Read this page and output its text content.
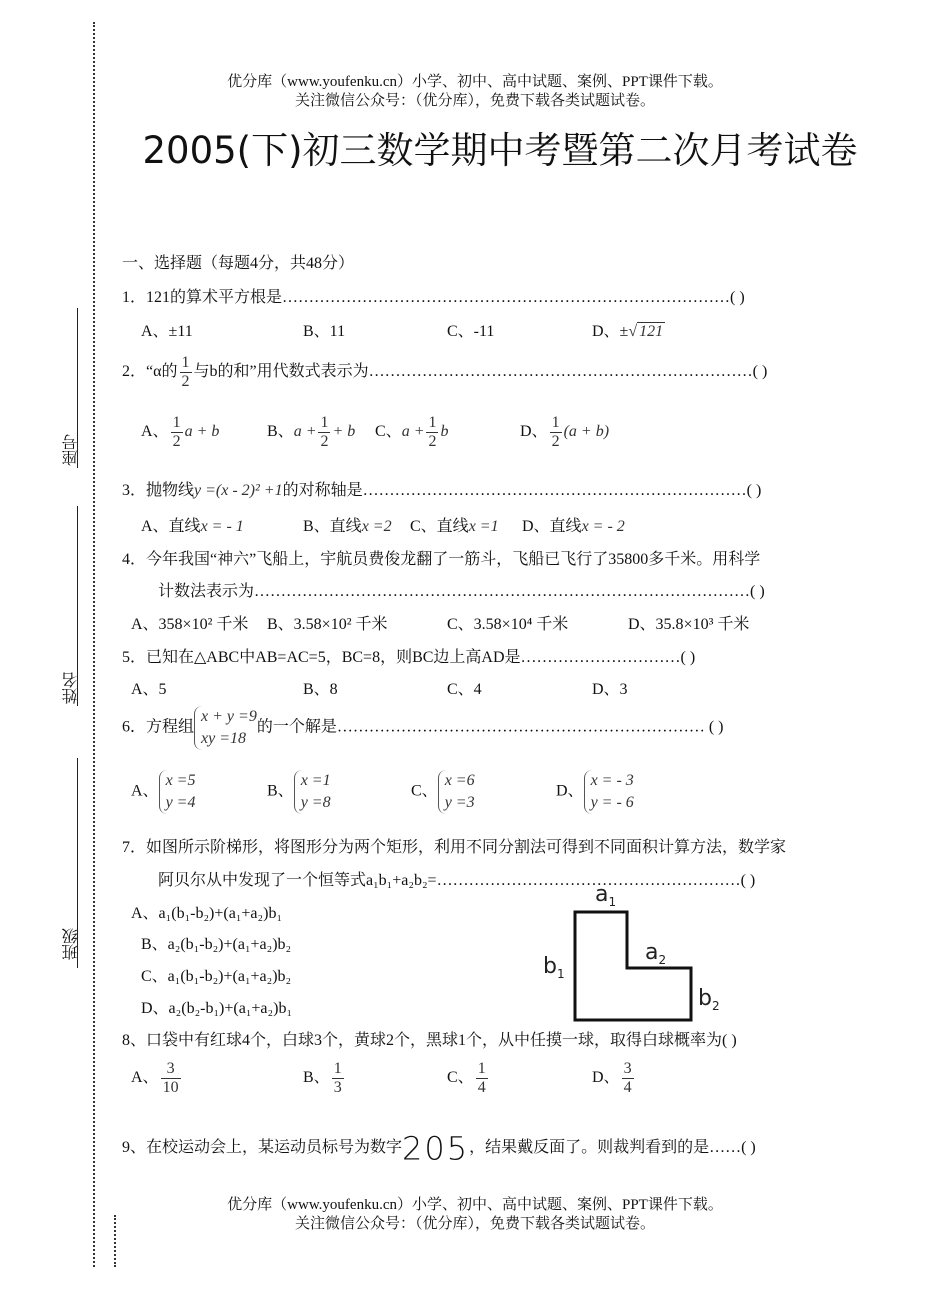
座号
姓名
班级
优分库（www.youfenku.cn）小学、初中、高中试题、案例、PPT课件下载。
关注微信公众号：（优分库），免费下载各类试题试卷。
2005(下)初三数学期中考暨第二次月考试卷
一、选择题（每题4分，共48分）
1．121的算术平方根是…………………………………………………………………………( )
A、±11	B、11	C、-11	D、±√ 121
2．“α的 $\frac{1}{2}$ 与b的和”用代数式表示为………………………………………………………………( )
A、 $\frac{1}{2}$ a + b	B、$a + \frac{1}{2} + b$ C、$a + \frac{1}{2}$ b	D、 $\frac{1}{2} (a + b)$
3．抛物线y =(x - 2)² +1的对称轴是………………………………………………………………( )
A、直线x = - 1	B、直线x =2 C、直线x =1 D、直线x = - 2
4．今年我国“神六”飞船上，宇航员费俊龙翻了一筋斗，飞船已飞行了35800多千米。用科学
计数法表示为…………………………………………………………………………………( )
A、358×10² 千米 B、3.58×10² 千米	C、3.58×10⁴ 千米	D、35.8×10³ 千米
5．已知在△ABC中AB=AC=5，BC=8，则BC边上高AD是…………………………( )
A、5	B、8	C、4	D、3
6．方程组x + y =9
xy =18的一个解是…………………………………………………………… ( )
A、x =5
y =4
B、x =1
y =8
C、x =6
y =3
D、x = - 3
y = - 6
7．如图所示阶梯形，将图形分为两个矩形，利用不同分割法可得到不同面积计算方法，数学家
阿贝尔从中发现了一个恒等式a₁b₁+a₂b₂=…………………………………………………( )
A、a₁(b₁-b₂)+(a₁+a₂)b₁
B、a₂(b₁-b₂)+(a₁+a₂)b₂
C、a₁(b₁-b₂)+(a₁+a₂)b₂
D、a₂(b₂-b₁)+(a₁+a₂)b₁
$a_1$
$a_2$
$b_1$
$b_2$
8、口袋中有红球4个，白球3个，黄球2个，黑球1个，从中任摸一球，取得白球概率为( )
A、 $\frac{3}{10}$	B、 $\frac{1}{3}$	C、 $\frac{1}{4}$	D、 $\frac{3}{4}$
9、在校运动会上，某运动员标号为数字205，结果戴反面了。则裁判看到的是……( )
优分库（www.youfenku.cn）小学、初中、高中试题、案例、PPT课件下载。
关注微信公众号：（优分库），免费下载各类试题试卷。
